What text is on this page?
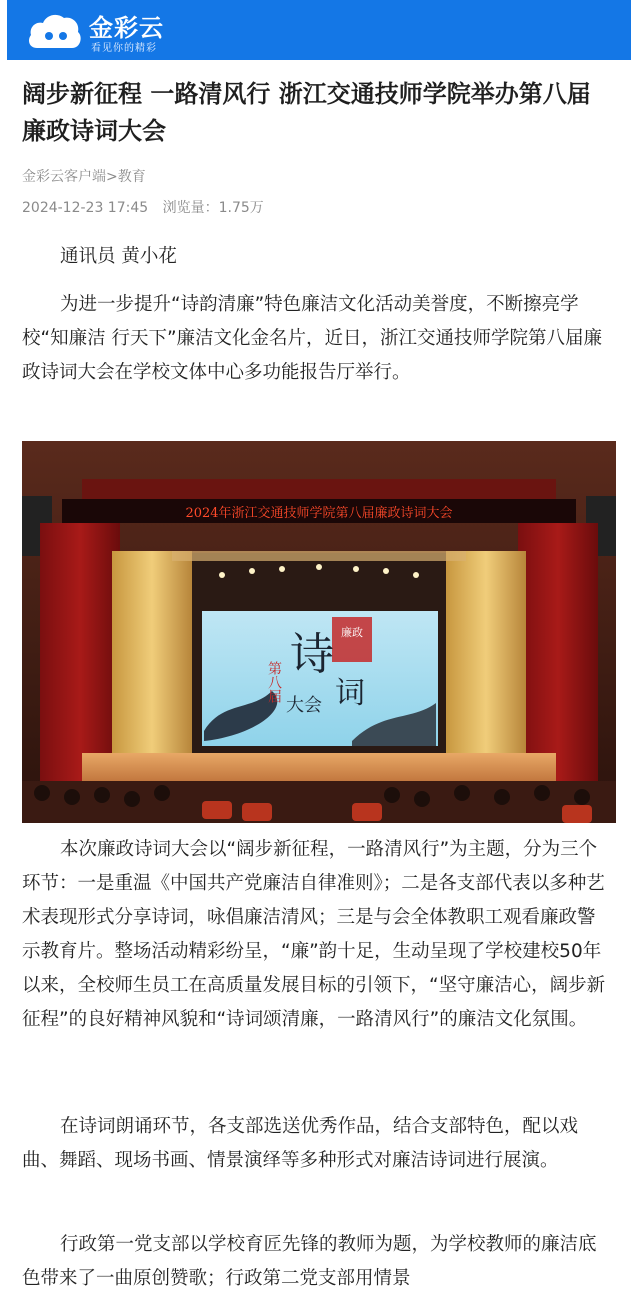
金彩云
看见你的精彩
阔步新征程 一路清风行 浙江交通技师学院举办第八届廉政诗词大会
金彩云客户端>教育
2024-12-23 17:45 浏览量：1.75万

通讯员 黄小花

为进一步提升“诗韵清廉”特色廉洁文化活动美誉度，不断擦亮学校“知廉洁 行天下”廉洁文化金名片，近日，浙江交通技师学院第八届廉政诗词大会在学校文体中心多功能报告厅举行。

2024年浙江交通技师学院第八届廉政诗词大会
廉政
诗
词
大会
第八届

本次廉政诗词大会以“阔步新征程，一路清风行”为主题，分为三个环节：一是重温《中国共产党廉洁自律准则》；二是各支部代表以多种艺术表现形式分享诗词，咏倡廉洁清风；三是与会全体教职工观看廉政警示教育片。整场活动精彩纷呈，“廉”韵十足，生动呈现了学校建校50年以来，全校师生员工在高质量发展目标的引领下，“坚守廉洁心，阔步新征程”的良好精神风貌和“诗词颂清廉，一路清风行”的廉洁文化氛围。

在诗词朗诵环节，各支部选送优秀作品，结合支部特色，配以戏曲、舞蹈、现场书画、情景演绎等多种形式对廉洁诗词进行展演。

行政第一党支部以学校育匠先锋的教师为题，为学校教师的廉洁底色带来了一曲原创赞歌；行政第二党支部用情景
